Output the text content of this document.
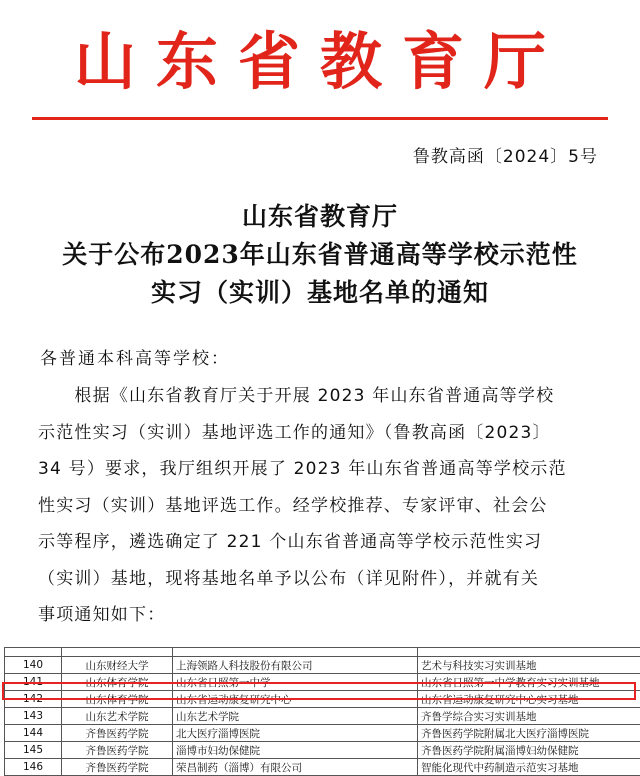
山东省教育厅
鲁教高函〔2024〕5号
山东省教育厅
关于公布2023年山东省普通高等学校示范性
实习（实训）基地名单的通知
各普通本科高等学校：
　　根据《山东省教育厅关于开展 2023 年山东省普通高等学校
示范性实习（实训）基地评选工作的通知》（鲁教高函〔2023〕
34 号）要求，我厅组织开展了 2023 年山东省普通高等学校示范
性实习（实训）基地评选工作。经学校推荐、专家评审、社会公
示等程序，遴选确定了 221 个山东省普通高等学校示范性实习
（实训）基地，现将基地名单予以公布（详见附件），并就有关
事项通知如下：

140	山东财经大学	上海领路人科技股份有限公司	艺术与科技实习实训基地
141	山东体育学院	山东省日照第一中学	山东省日照第一中学教育实习实训基地
142	山东体育学院	山东省运动康复研究中心	山东省运动康复研究中心实习基地
143	山东艺术学院	山东艺术学院	齐鲁学综合实习实训基地
144	齐鲁医药学院	北大医疗淄博医院	齐鲁医药学院附属北大医疗淄博医院
145	齐鲁医药学院	淄博市妇幼保健院	齐鲁医药学院附属淄博妇幼保健院
146	齐鲁医药学院	荣昌制药（淄博）有限公司	智能化现代中药制造示范实习基地
